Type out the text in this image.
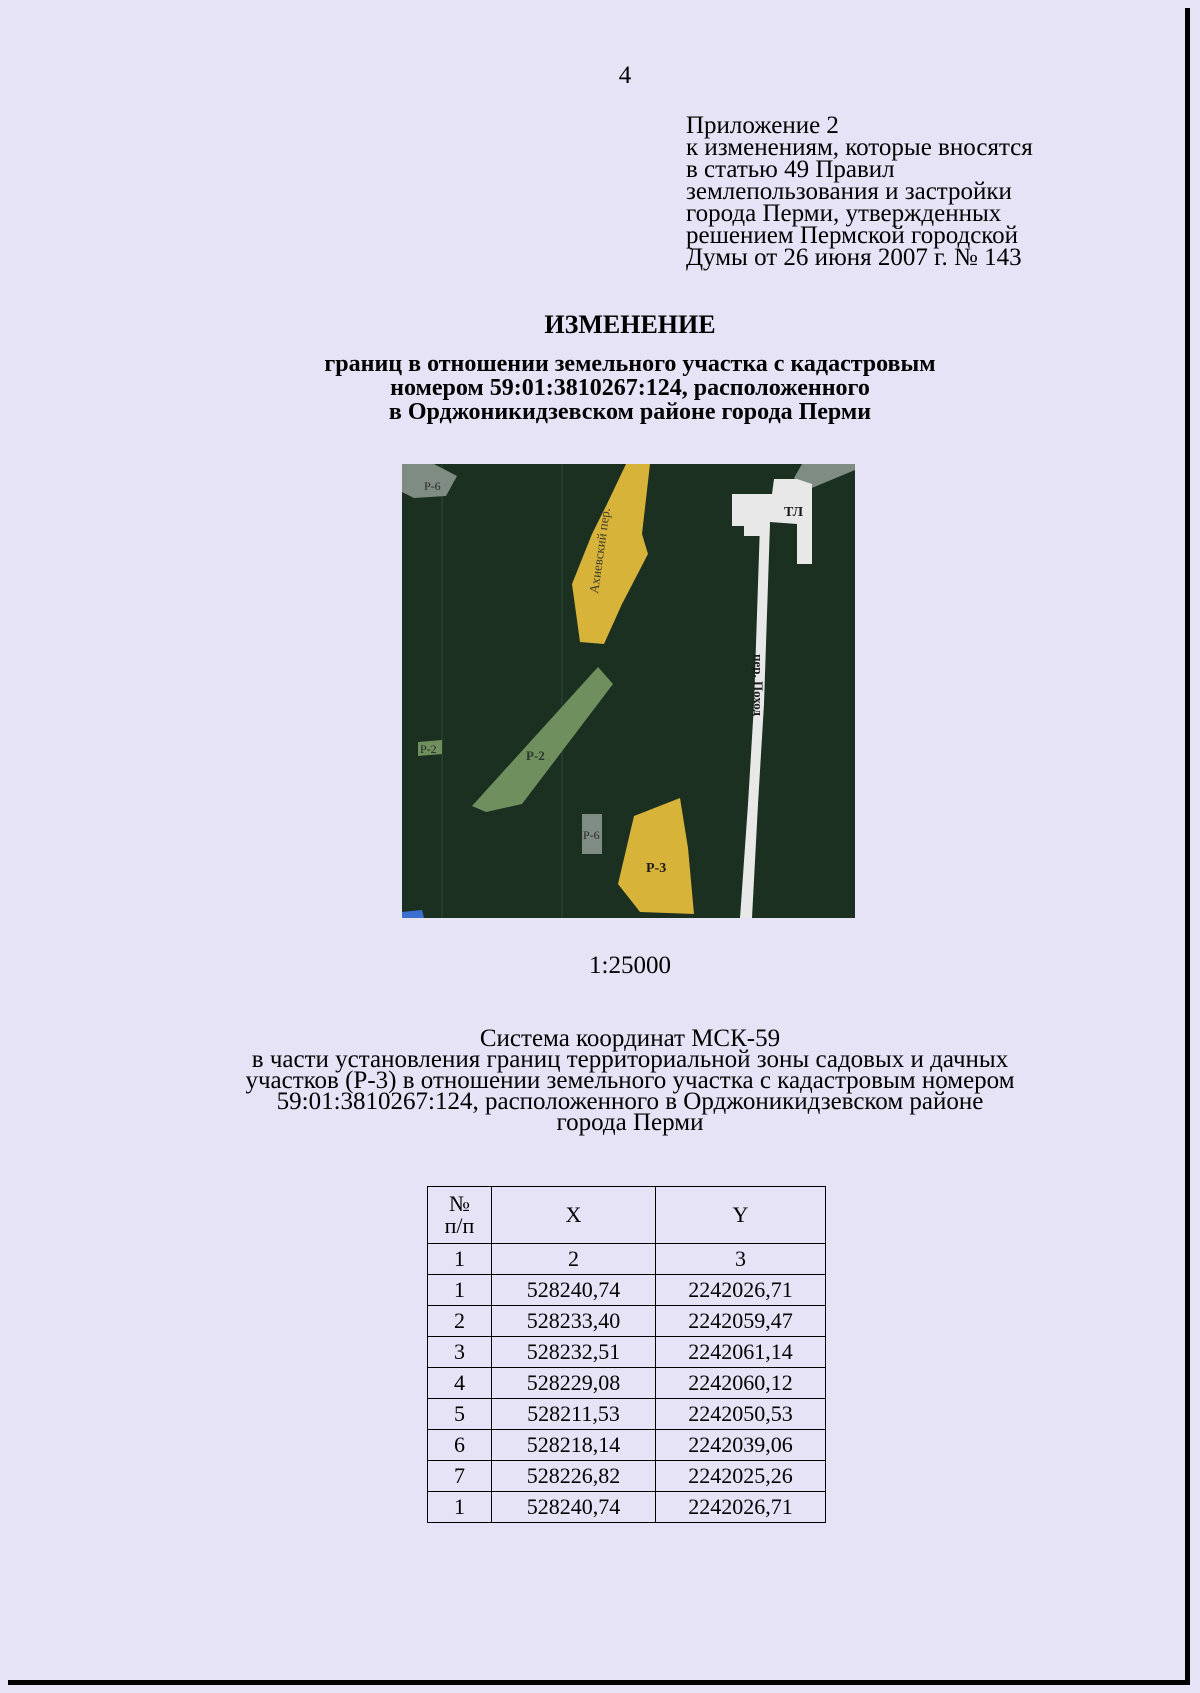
4
Приложение 2
к изменениям, которые вносятся
в статью 49 Правил
землепользования и застройки
города Перми, утвержденных
решением Пермской городской
Думы от 26 июня 2007 г. № 143
ИЗМЕНЕНИЕ
границ в отношении земельного участка с кадастровым
номером 59:01:3810267:124, расположенного
в Орджоникидзевском районе города Перми
Р-6
Ахиевский пер.	ТЛ
пер. Поход
Р-2	Р-2
Р-6
Р-3
1:25000
Система координат МСК-59
в части установления границ территориальной зоны садовых и дачных
участков (Р-3) в отношении земельного участка с кадастровым номером
59:01:3810267:124, расположенного в Орджоникидзевском районе
города Перми
№
п/п	X	Y
1	2	3
1	528240,74	2242026,71
2	528233,40	2242059,47
3	528232,51	2242061,14
4	528229,08	2242060,12
5	528211,53	2242050,53
6	528218,14	2242039,06
7	528226,82	2242025,26
1	528240,74	2242026,71
